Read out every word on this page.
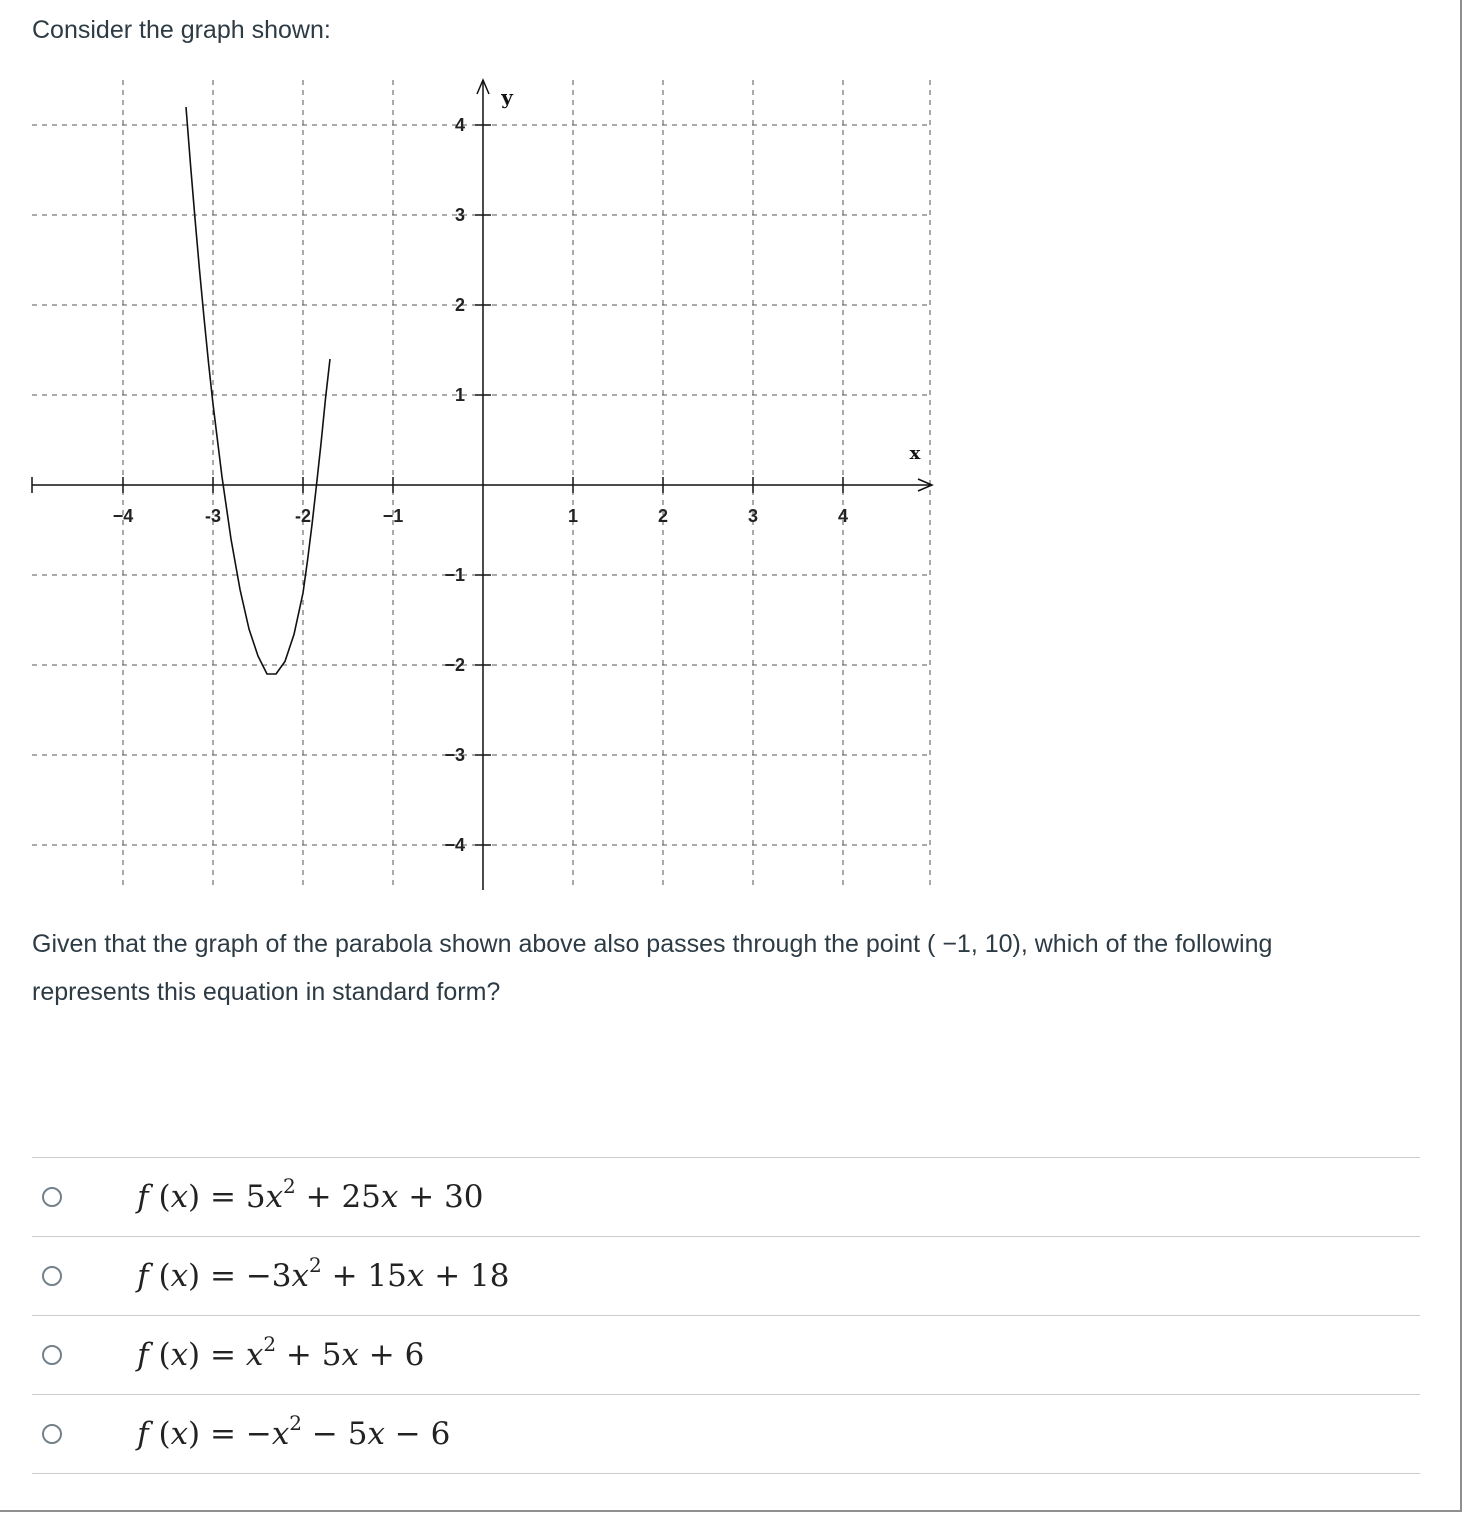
Consider the graph shown:
x
y
−4	-3	-2	−1	1	2	3	4
4
3
2
1
−1
−2
−3
−4
Given that the graph of the parabola shown above also passes through the point ( −1, 10), which of the following represents this equation in standard form?

f $(x) = 5x^2 + 25x + 30$

f $(x) = -3x^2 + 15x + 18$

f $(x) = x^2 + 5x + 6$

f $(x) = -x^2 - 5x - 6$
